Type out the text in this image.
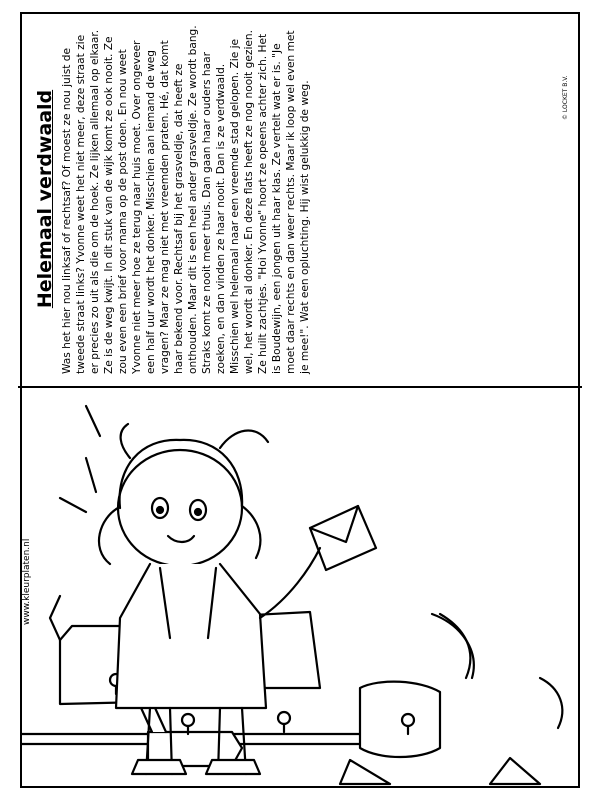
Helemaal verdwaald Was het hier nou linksaf of rechtsaf? Of moest ze nou juist de tweede straat links? Yvonne weet het niet meer, deze straat zie er precies zo uit als die om de hoek. Ze lijken allemaal op elkaar. Ze is de weg kwijt. In dit stuk van de wijk komt ze ook nooit. Ze zou even een brief voor mama op de post doen. En nou weet Yvonne niet meer hoe ze terug naar huis moet. Over ongeveer een half uur wordt het donker. Misschien aan iemand de weg vragen? Maar ze mag niet met vreemden praten. Hé, dat komt haar bekend voor. Rechtsaf bij het grasveldje, dat heeft ze onthouden. Maar dit is een heel ander grasveldje. Ze wordt bang. Straks komt ze nooit meer thuis. Dan gaan haar ouders haar zoeken, en dan vinden ze haar nooit. Dan is ze verdwaald. Misschien wel helemaal naar een vreemde stad gelopen. Zie je wel, het wordt al donker. En deze flats heeft ze nog nooit gezien. Ze huilt zachtjes. "Hoi Yvonne" hoort ze opeens achter zich. Het is Boudewijn, een jongen uit haar klas. Ze vertelt wat er is. "Je moet daar rechts en dan weer rechts. Maar ik loop wel even met je mee!". Wat een opluchting. Hij wist gelukkig de weg.	© LOCKET B.V.
www.kleurplaten.nl
